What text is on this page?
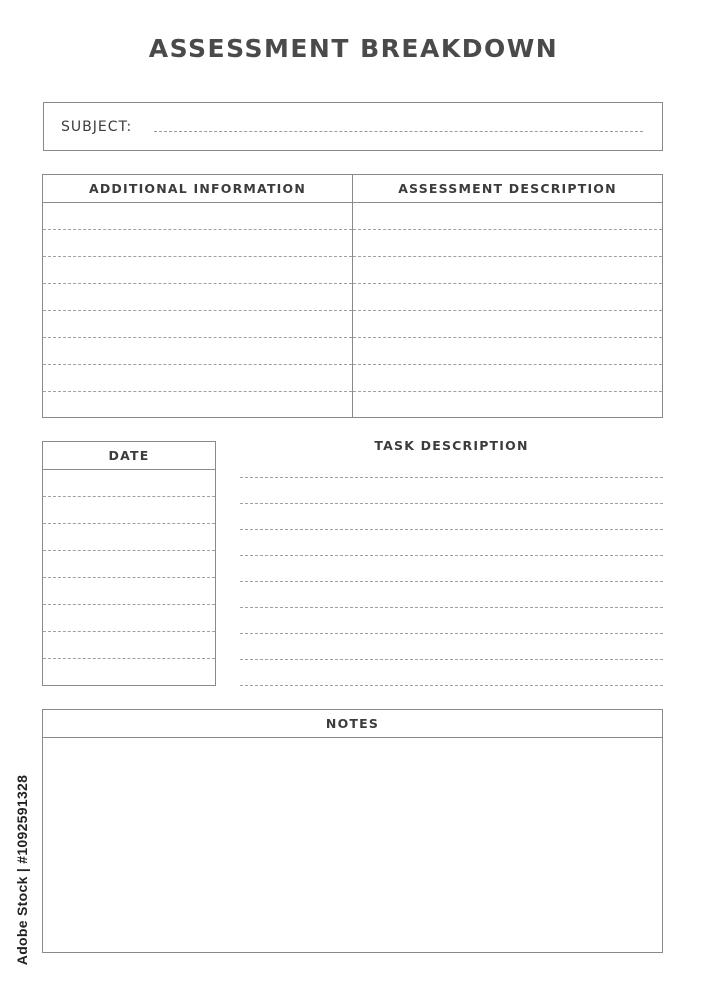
ASSESSMENT BREAKDOWN
SUBJECT:
ADDITIONAL INFORMATION	ASSESSMENT DESCRIPTION
DATE
TASK DESCRIPTION
NOTES
Adobe Stock | #1092591328
